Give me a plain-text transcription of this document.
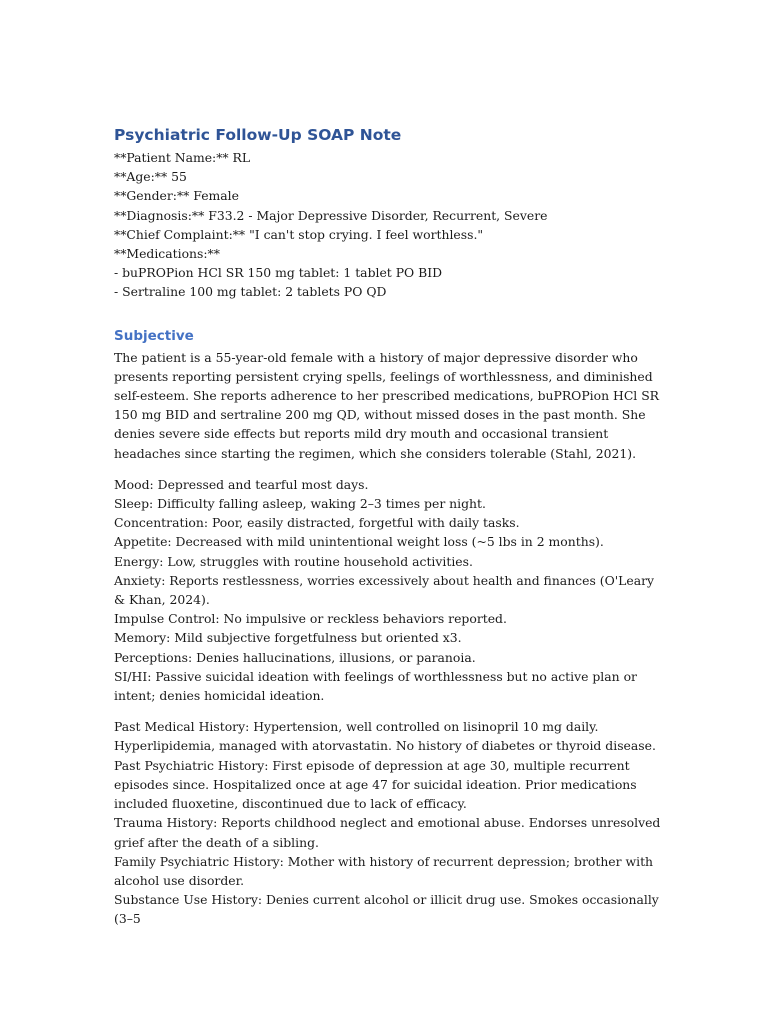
Psychiatric Follow-Up SOAP Note
**Patient Name:** RL
**Age:** 55
**Gender:** Female
**Diagnosis:** F33.2 - Major Depressive Disorder, Recurrent, Severe
**Chief Complaint:** "I can't stop crying. I feel worthless."
**Medications:**
- buPROPion HCl SR 150 mg tablet: 1 tablet PO BID
- Sertraline 100 mg tablet: 2 tablets PO QD
Subjective

The patient is a 55-year-old female with a history of major depressive disorder who presents reporting persistent crying spells, feelings of worthlessness, and diminished self-esteem. She reports adherence to her prescribed medications, buPROPion HCl SR 150 mg BID and sertraline 200 mg QD, without missed doses in the past month. She denies severe side effects but reports mild dry mouth and occasional transient headaches since starting the regimen, which she considers tolerable (Stahl, 2021).

Mood: Depressed and tearful most days.

Sleep: Difficulty falling asleep, waking 2–3 times per night.

Concentration: Poor, easily distracted, forgetful with daily tasks.

Appetite: Decreased with mild unintentional weight loss (~5 lbs in 2 months).

Energy: Low, struggles with routine household activities.

Anxiety: Reports restlessness, worries excessively about health and finances (O'Leary & Khan, 2024).

Impulse Control: No impulsive or reckless behaviors reported.

Memory: Mild subjective forgetfulness but oriented x3.

Perceptions: Denies hallucinations, illusions, or paranoia.

SI/HI: Passive suicidal ideation with feelings of worthlessness but no active plan or intent; denies homicidal ideation.

Past Medical History: Hypertension, well controlled on lisinopril 10 mg daily. Hyperlipidemia, managed with atorvastatin. No history of diabetes or thyroid disease.

Past Psychiatric History: First episode of depression at age 30, multiple recurrent episodes since. Hospitalized once at age 47 for suicidal ideation. Prior medications included fluoxetine, discontinued due to lack of efficacy.

Trauma History: Reports childhood neglect and emotional abuse. Endorses unresolved grief after the death of a sibling.

Family Psychiatric History: Mother with history of recurrent depression; brother with alcohol use disorder.

Substance Use History: Denies current alcohol or illicit drug use. Smokes occasionally (3–5
